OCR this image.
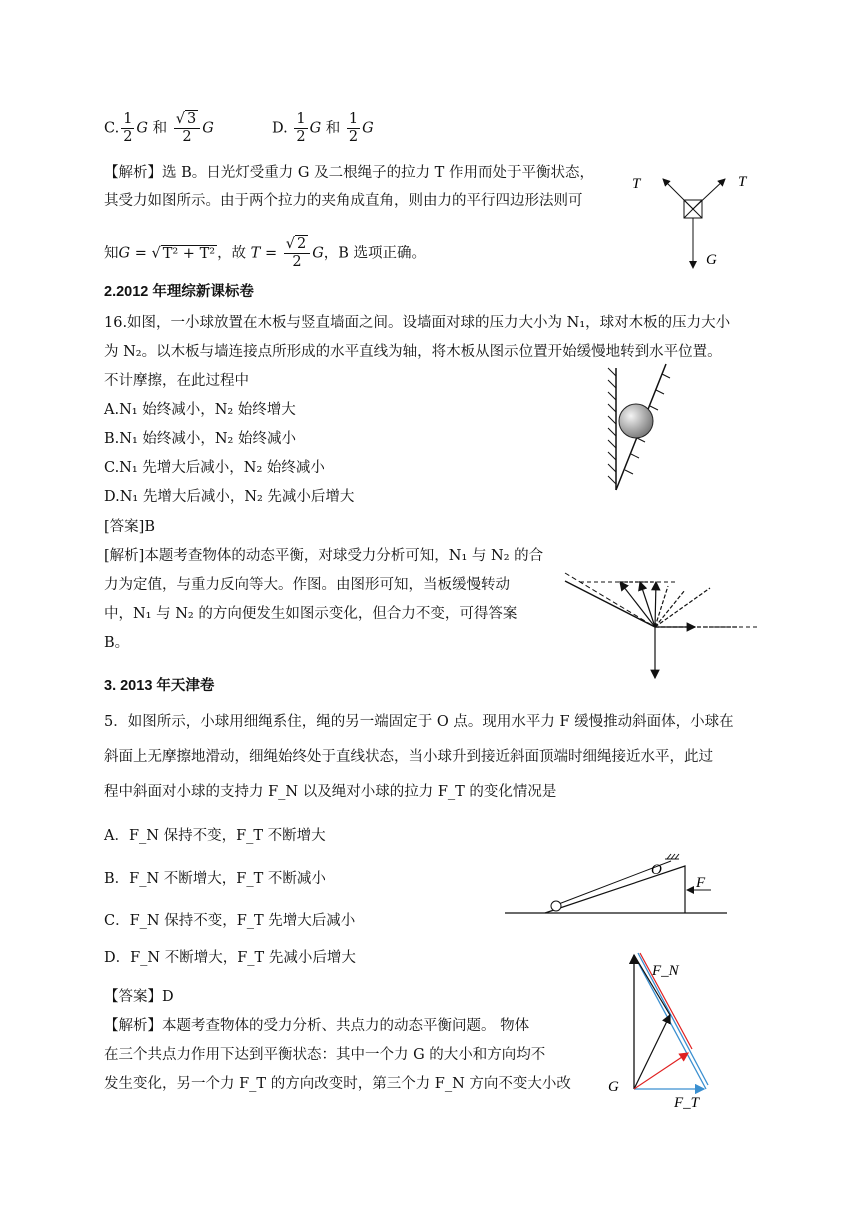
C. $\frac{1}{2}$ G 和 $\frac{√ 3}{2}$ G	D. $\frac{1}{2}$ G 和 $\frac{1}{2}$ G
【解析】选 B。日光灯受重力 G 及二根绳子的拉力 T 作用而处于平衡状态，
其受力如图所示。由于两个拉力的夹角成直角，则由力的平行四边形法则可
知G = √ T² + T² ，故 $T = \frac{√ 2}{2}$ G，B 选项正确。
T	T
G
2.2012 年理综新课标卷
16.如图，一小球放置在木板与竖直墙面之间。设墙面对球的压力大小为 N₁，球对木板的压力大小
为 N₂。以木板与墙连接点所形成的水平直线为轴，将木板从图示位置开始缓慢地转到水平位置。
不计摩擦，在此过程中
A.N₁ 始终减小，N₂ 始终增大
B.N₁ 始终减小，N₂ 始终减小
C.N₁ 先增大后减小，N₂ 始终减小
D.N₁ 先增大后减小，N₂ 先减小后增大
[答案]B
[解析]本题考查物体的动态平衡，对球受力分析可知，N₁ 与 N₂ 的合
力为定值，与重力反向等大。作图。由图形可知，当板缓慢转动
中，N₁ 与 N₂ 的方向便发生如图示变化，但合力不变，可得答案
B。
3. 2013 年天津卷
5．如图所示，小球用细绳系住，绳的另一端固定于 O 点。现用水平力 F 缓慢推动斜面体，小球在
斜面上无摩擦地滑动，细绳始终处于直线状态，当小球升到接近斜面顶端时细绳接近水平，此过
程中斜面对小球的支持力 F_N 以及绳对小球的拉力 F_T 的变化情况是
A．F_N 保持不变，F_T 不断增大
B．F_N 不断增大，F_T 不断减小
C．F_N 保持不变，F_T 先增大后减小
D．F_N 不断增大，F_T 先减小后增大
【答案】D
【解析】本题考查物体的受力分析、共点力的动态平衡问题。 物体
在三个共点力作用下达到平衡状态：其中一个力 G 的大小和方向均不
发生变化，另一个力 F_T 的方向改变时，第三个力 F_N 方向不变大小改
O
F
F_N
G
F_T
